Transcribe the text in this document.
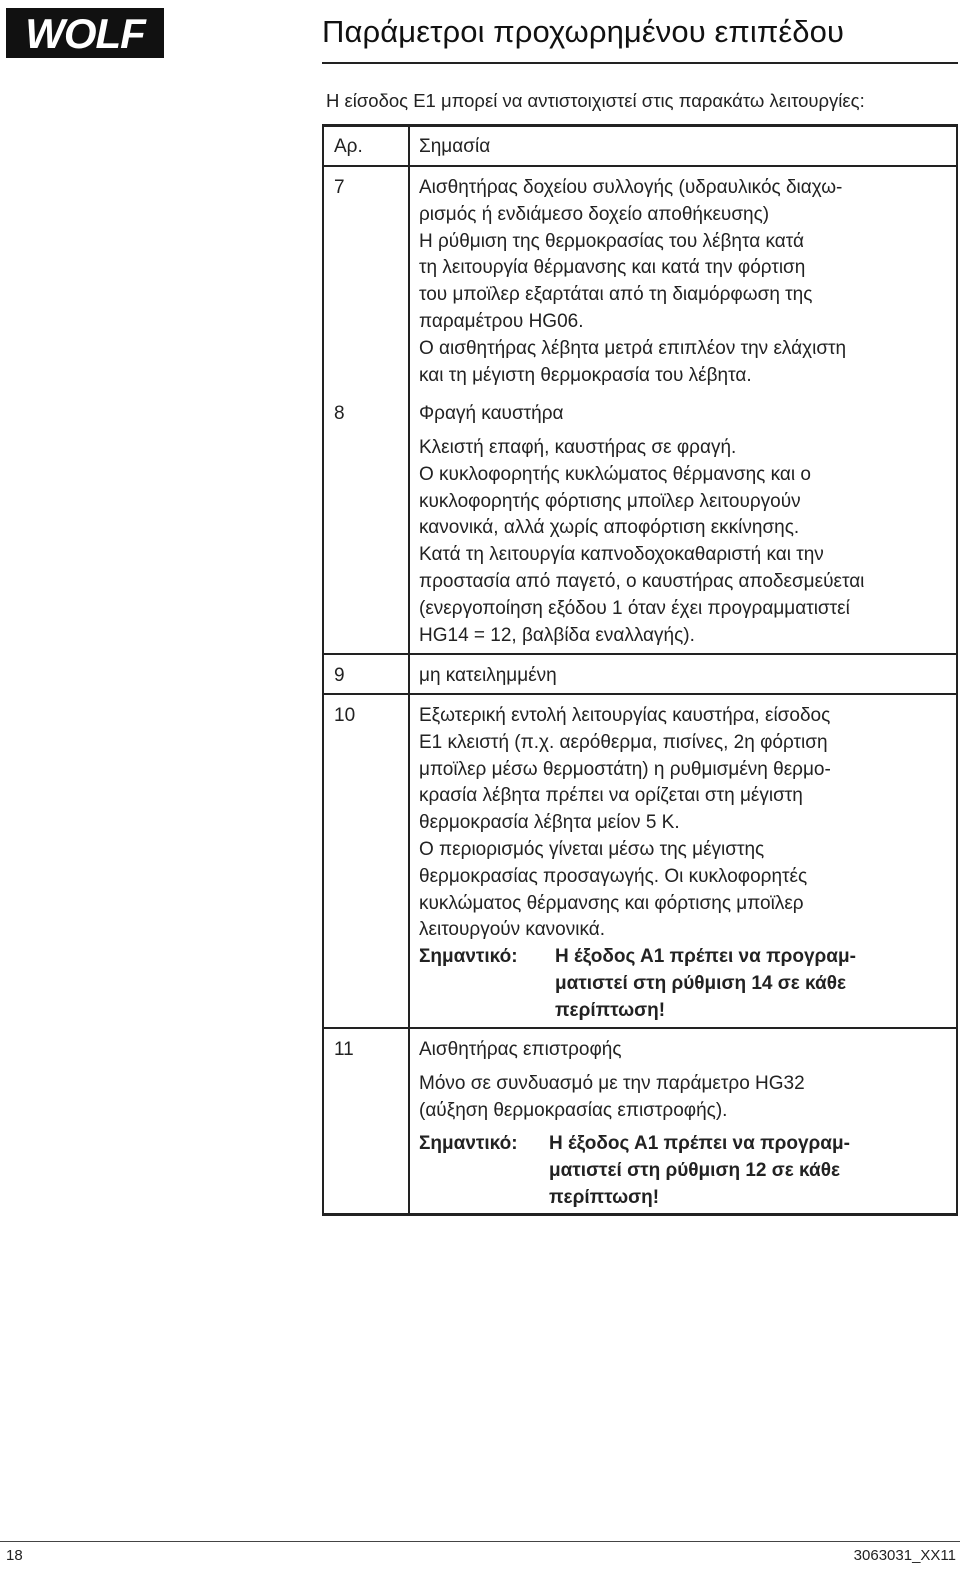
WOLF	Παράμετροι προχωρημένου επιπέδου
Η είσοδος Ε1 μπορεί να αντιστοιχιστεί στις παρακάτω λειτουργίες:
Αρ.	Σημασία
7	Αισθητήρας δοχείου συλλογής (υδραυλικός διαχω-
ρισμός ή ενδιάμεσο δοχείο αποθήκευσης)
Η ρύθμιση της θερμοκρασίας του λέβητα κατά
τη λειτουργία θέρμανσης και κατά την φόρτιση
του μποϊλερ εξαρτάται από τη διαμόρφωση της
παραμέτρου HG06.
Ο αισθητήρας λέβητα μετρά επιπλέον την ελάχιστη
και τη μέγιστη θερμοκρασία του λέβητα.
8	Φραγή καυστήρα
Κλειστή επαφή, καυστήρας σε φραγή.
Ο κυκλοφορητής κυκλώματος θέρμανσης και ο
κυκλοφορητής φόρτισης μποϊλερ λειτουργούν
κανονικά, αλλά χωρίς αποφόρτιση εκκίνησης.
Κατά τη λειτουργία καπνοδοχοκαθαριστή και την
προστασία από παγετό, ο καυστήρας αποδεσμεύεται
(ενεργοποίηση εξόδου 1 όταν έχει προγραμματιστεί
HG14 = 12, βαλβίδα εναλλαγής).
9	μη κατειλημμένη
10	Εξωτερική εντολή λειτουργίας καυστήρα, είσοδος
Ε1 κλειστή (π.χ. αερόθερμα, πισίνες, 2η φόρτιση
μποϊλερ μέσω θερμοστάτη) η ρυθμισμένη θερμο-
κρασία λέβητα πρέπει να ορίζεται στη μέγιστη
θερμοκρασία λέβητα μείον 5 K.
Ο περιορισμός γίνεται μέσω της μέγιστης
θερμοκρασίας προσαγωγής. Οι κυκλοφορητές
κυκλώματος θέρμανσης και φόρτισης μποϊλερ
λειτουργούν κανονικά.
Σημαντικό: Η έξοδος Α1 πρέπει να προγραμ-
ματιστεί στη ρύθμιση 14 σε κάθε
περίπτωση!
11	Αισθητήρας επιστροφής
Μόνο σε συνδυασμό με την παράμετρο HG32
(αύξηση θερμοκρασίας επιστροφής).
Σημαντικό: Η έξοδος Α1 πρέπει να προγραμ-
ματιστεί στη ρύθμιση 12 σε κάθε
περίπτωση!
18	3063031_XX11
